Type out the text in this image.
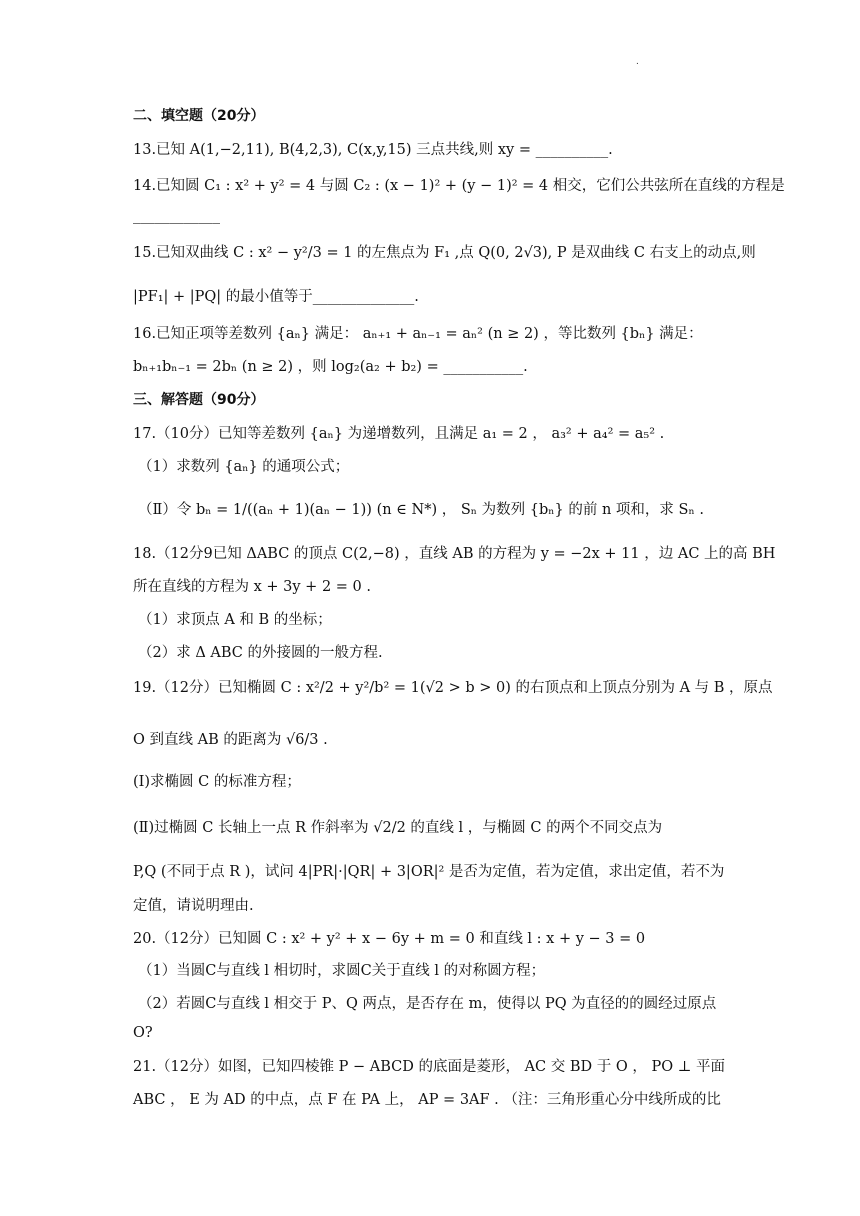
.
二、填空题（20分）
13.已知 A(1,−2,11), B(4,2,3), C(x,y,15) 三点共线,则 xy = __________.
14.已知圆 C₁ : x² + y² = 4 与圆 C₂ : (x − 1)² + (y − 1)² = 4 相交，它们公共弦所在直线的方程是
____________
15.已知双曲线 C : x² − y²/3 = 1 的左焦点为 F₁ ,点 Q(0, 2√3), P 是双曲线 C 右支上的动点,则
|PF₁| + |PQ| 的最小值等于______________.
16.已知正项等差数列 {aₙ} 满足： aₙ₊₁ + aₙ₋₁ = aₙ² (n ≥ 2) ，等比数列 {bₙ} 满足：
bₙ₊₁bₙ₋₁ = 2bₙ (n ≥ 2) ，则 log₂(a₂ + b₂) = ___________.
三、解答题（90分）
17.（10分）已知等差数列 {aₙ} 为递增数列，且满足 a₁ = 2 ， a₃² + a₄² = a₅² .
（1）求数列 {aₙ} 的通项公式；
（Ⅱ）令 bₙ = 1/((aₙ + 1)(aₙ − 1)) (n ∈ N*) ， Sₙ 为数列 {bₙ} 的前 n 项和，求 Sₙ .
18.（12分9已知 ΔABC 的顶点 C(2,−8) ，直线 AB 的方程为 y = −2x + 11 ，边 AC 上的高 BH
所在直线的方程为 x + 3y + 2 = 0 .
（1）求顶点 A 和 B 的坐标；
（2）求 Δ ABC 的外接圆的一般方程.
19.（12分）已知椭圆 C : x²/2 + y²/b² = 1(√2 > b > 0) 的右顶点和上顶点分别为 A 与 B ，原点
O 到直线 AB 的距离为 √6/3 .
(Ⅰ)求椭圆 C 的标准方程；
(Ⅱ)过椭圆 C 长轴上一点 R 作斜率为 √2/2 的直线 l ，与椭圆 C 的两个不同交点为
P,Q (不同于点 R )，试问 4|PR|·|QR| + 3|OR|² 是否为定值，若为定值，求出定值，若不为
定值，请说明理由.
20.（12分）已知圆 C : x² + y² + x − 6y + m = 0 和直线 l : x + y − 3 = 0
（1）当圆C与直线 l 相切时，求圆C关于直线 l 的对称圆方程；
（2）若圆C与直线 l 相交于 P、Q 两点，是否存在 m，使得以 PQ 为直径的的圆经过原点
O?
21.（12分）如图，已知四棱锥 P − ABCD 的底面是菱形， AC 交 BD 于 O ， PO ⊥ 平面
ABC ， E 为 AD 的中点，点 F 在 PA 上， AP = 3AF . （注：三角形重心分中线所成的比
